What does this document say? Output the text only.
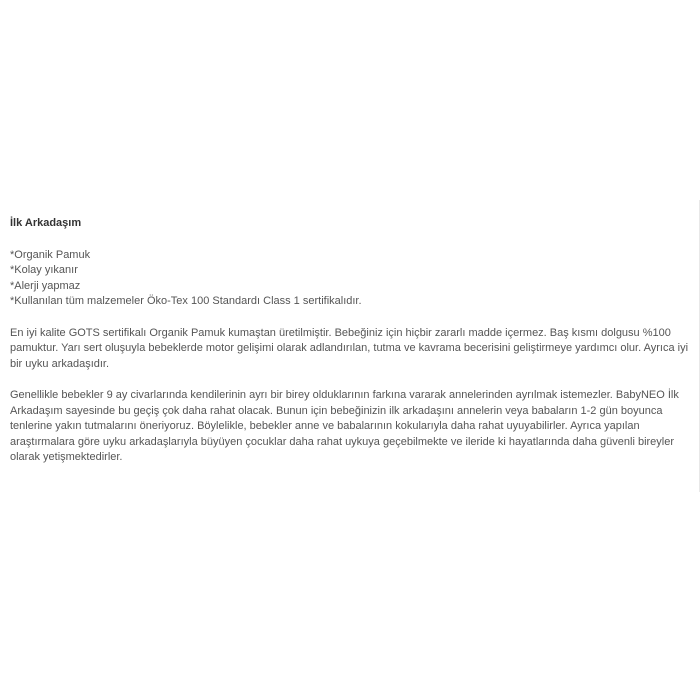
İlk Arkadaşım

*Organik Pamuk
*Kolay yıkanır
*Alerji yapmaz
*Kullanılan tüm malzemeler Öko-Tex 100 Standardı Class 1 sertifikalıdır.

En iyi kalite GOTS sertifikalı Organik Pamuk kumaştan üretilmiştir. Bebeğiniz için hiçbir zararlı madde içermez. Baş kısmı dolgusu %100 pamuktur. Yarı sert oluşuyla bebeklerde motor gelişimi olarak adlandırılan, tutma ve kavrama becerisini geliştirmeye yardımcı olur. Ayrıca iyi bir uyku arkadaşıdır.

Genellikle bebekler 9 ay civarlarında kendilerinin ayrı bir birey olduklarının farkına vararak annelerinden ayrılmak istemezler. BabyNEO İlk Arkadaşım sayesinde bu geçiş çok daha rahat olacak. Bunun için bebeğinizin ilk arkadaşını annelerin veya babaların 1-2 gün boyunca tenlerine yakın tutmalarını öneriyoruz. Böylelikle, bebekler anne ve babalarının kokularıyla daha rahat uyuyabilirler. Ayrıca yapılan araştırmalara göre uyku arkadaşlarıyla büyüyen çocuklar daha rahat uykuya geçebilmekte ve ileride ki hayatlarında daha güvenli bireyler olarak yetişmektedirler.
